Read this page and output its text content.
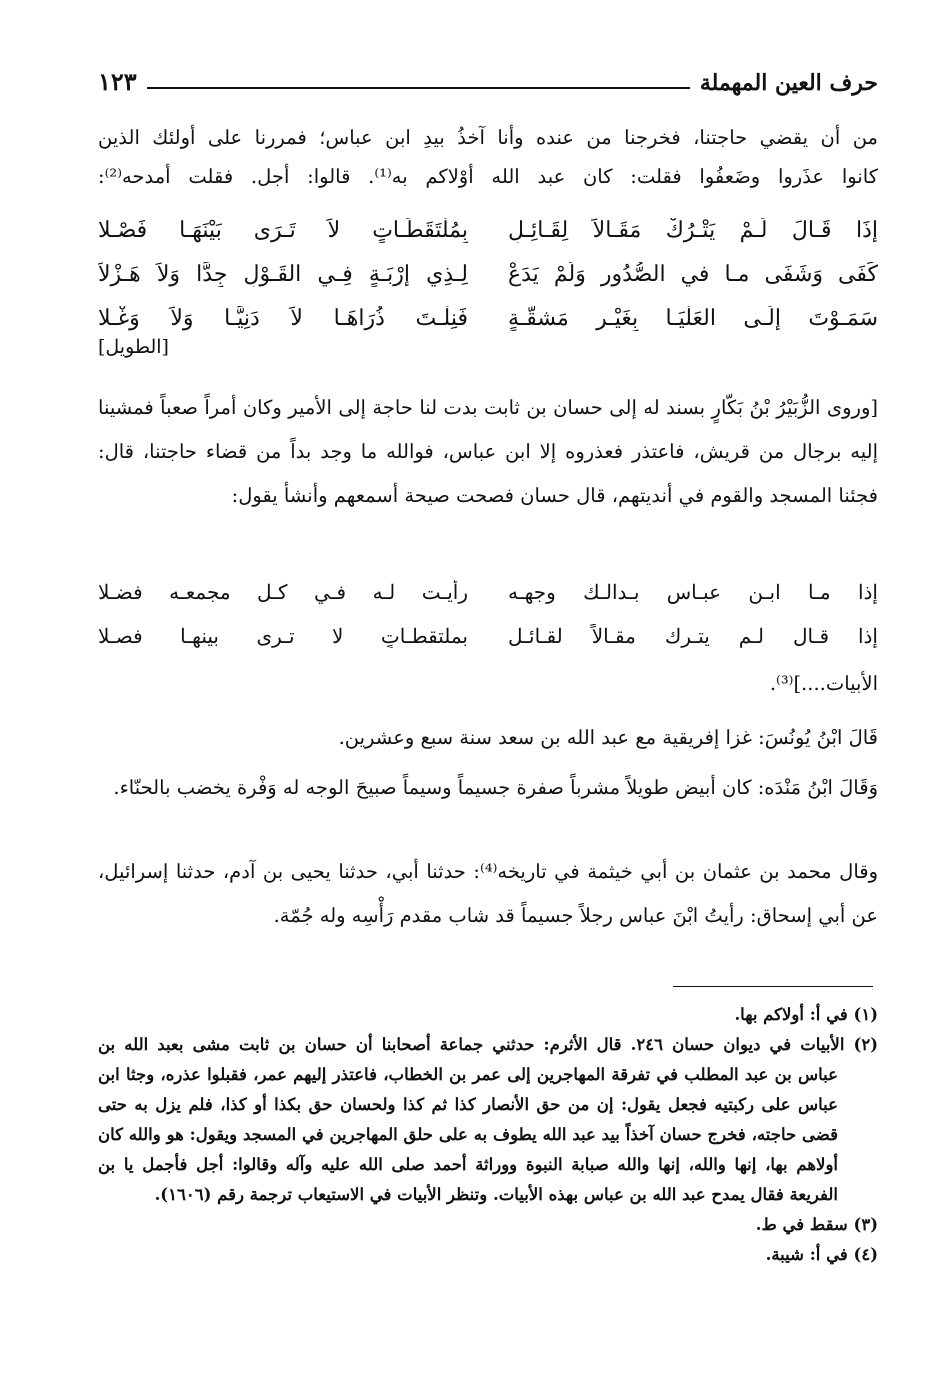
حرف العين المهملة
١٢٣

من أن يقضي حاجتنا، فخرجنا من عنده وأنا آخذُ بيدِ ابن عباس؛ فمررنا على أولئك الذين

كانوا عذَروا وضَعفُوا فقلت: كان عبد الله أوْلاكم به⁽¹⁾. قالوا: أجل. فقلت أمدحه⁽²⁾:

إِذَا قَـالَ لَـمْ يَتْـرُكْ مَقَـالاً لِقَـائِـلِ
بِمُلْتَقَطَـاتٍ لاَ تَـرَى بَيْنَهَـا فَصْـلا
كَفَى وَشَفَى مـا في الصُّدُورِ وَلَمْ يَدَعْ
لِـذِي إِرْبَـةٍ فِـي القَـوْلِ جِدًّا وَلاَ هَـزْلاَ
سَمَـوْتَ إِلَـى العَلْيَـا بِغَيْـرِ مَشقَّـةٍ
فَنِلْـتَ ذُرَاهَـا لاَ دَنِيًّـا وَلاَ وَغْـلا
[الطويل]

[وروى الزُّبَيْرُ بْنُ بَكّارٍ بسند له إلى حسان بن ثابت بدت لنا حاجة إلى الأمير وكان أمراً صعباً فمشينا إليه برجال من قريش، فاعتذر فعذروه إلا ابن عباس، فوالله ما وجد بداً من قضاء حاجتنا، قال: فجئنا المسجد والقوم في أنديتهم، قال حسان فصحت صيحة أسمعهم وأنشأ يقول:

إذا مـا ابـن عبـاس بـدالـك وجهـه
رأيـت لـه فـي كـل مجمعـه فضـلا
إذا قـال لـم يتـرك مقـالاً لقـائـل
بملتقطـاتٍ لا تـرى بينهـا فصـلا

الأبيات....]⁽³⁾.

قَالَ ابْنُ يُونُسَ: غزا إفريقية مع عبد الله بن سعد سنة سبع وعشرين.

وَقَالَ ابْنُ مَنْدَه: كان أبيض طويلاً مشرباً صفرة جسيماً وسيماً صبيحَ الوجه له وَفْرة يخضب بالحنّاء.

وقال محمد بن عثمان بن أبي خيثمة في تاريخه⁽⁴⁾: حدثنا أبي، حدثنا يحيى بن آدم، حدثنا إسرائيل، عن أبي إسحاق: رأيتُ ابْنَ عباس رجلاً جسيماً قد شاب مقدم رَأْسِه وله جُمّة.

(١) في أ: أولاكم بها.

(٢) الأبيات في ديوان حسان ٢٤٦. قال الأثرم: حدثني جماعة أصحابنا أن حسان بن ثابت مشى بعبد الله بن

عباس بن عبد المطلب في تفرقة المهاجرين إلى عمر بن الخطاب، فاعتذر إليهم عمر، فقبلوا عذره، وجثا ابن عباس على ركبتيه فجعل يقول: إن من حق الأنصار كذا ثم كذا ولحسان حق بكذا أو كذا، فلم يزل به حتى قضى حاجته، فخرج حسان آخذاً بيد عبد الله يطوف به على حلق المهاجرين في المسجد ويقول: هو والله كان أولاهم بها، إنها والله، إنها والله صبابة النبوة ووراثة أحمد صلى الله عليه وآله وقالوا: أجل فأجمل يا بن الفريعة فقال يمدح عبد الله بن عباس بهذه الأبيات. وتنظر الأبيات في الاستيعاب ترجمة رقم (١٦٠٦).

(٣) سقط في ط.

(٤) في أ: شيبة.
